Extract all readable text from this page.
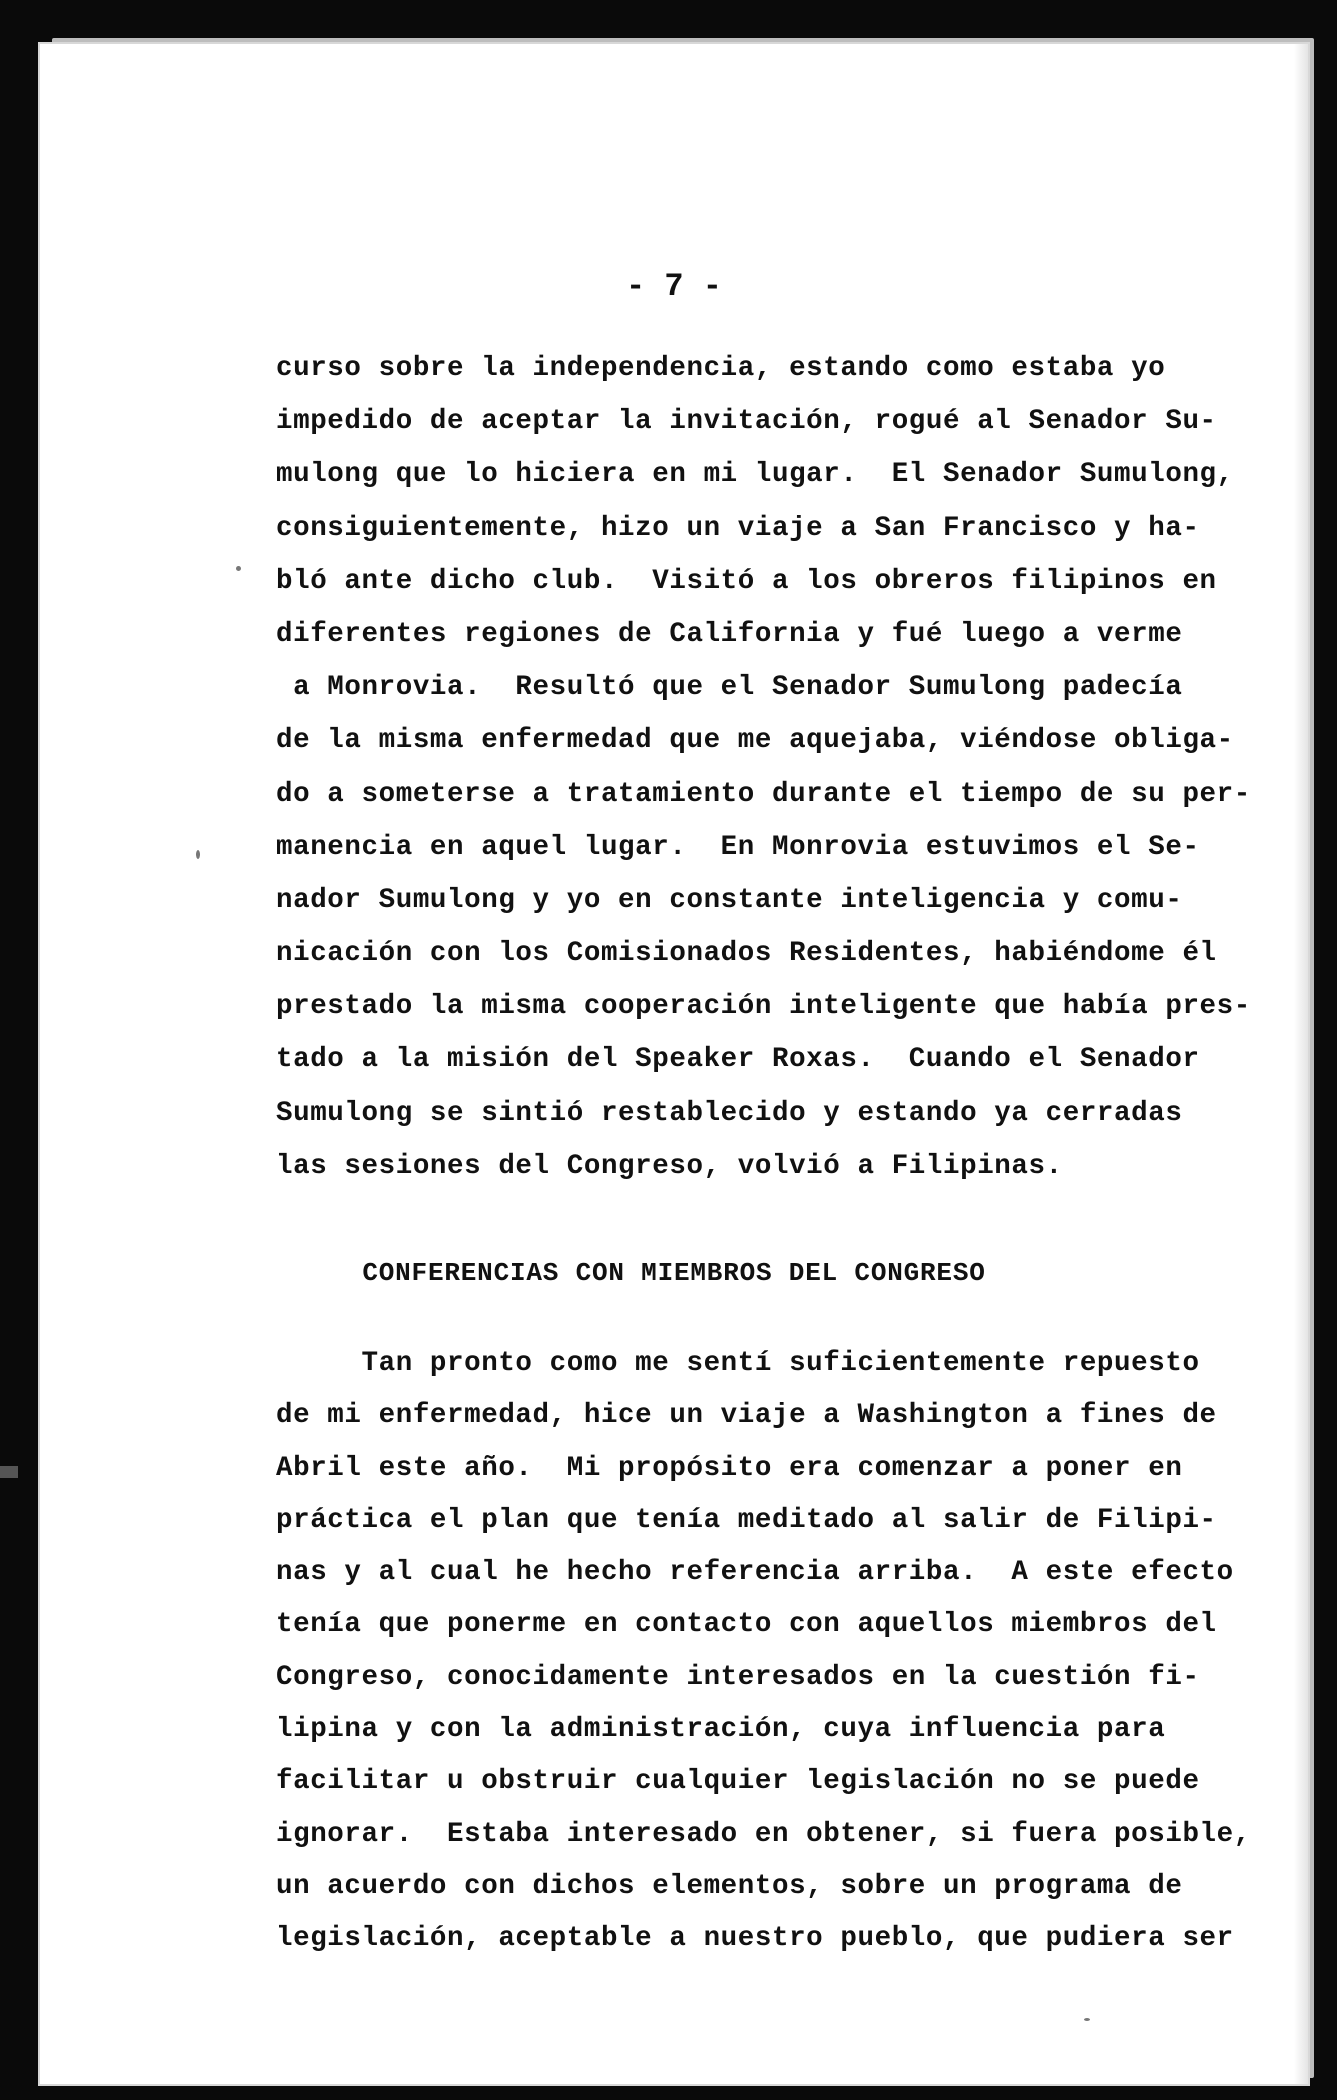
- 7 -
curso sobre la independencia, estando como estaba yo
impedido de aceptar la invitación, rogué al Senador Su-
mulong que lo hiciera en mi lugar.  El Senador Sumulong,
consiguientemente, hizo un viaje a San Francisco y ha-
bló ante dicho club.  Visitó a los obreros filipinos en
diferentes regiones de California y fué luego a verme
a Monrovia.  Resultó que el Senador Sumulong padecía
de la misma enfermedad que me aquejaba, viéndose obliga-
do a someterse a tratamiento durante el tiempo de su per-
manencia en aquel lugar.  En Monrovia estuvimos el Se-
nador Sumulong y yo en constante inteligencia y comu-
nicación con los Comisionados Residentes, habiéndome él
prestado la misma cooperación inteligente que había pres-
tado a la misión del Speaker Roxas.  Cuando el Senador
Sumulong se sintió restablecido y estando ya cerradas
las sesiones del Congreso, volvió a Filipinas.
CONFERENCIAS CON MIEMBROS DEL CONGRESO
Tan pronto como me sentí suficientemente repuesto
de mi enfermedad, hice un viaje a Washington a fines de
Abril este año.  Mi propósito era comenzar a poner en
práctica el plan que tenía meditado al salir de Filipi-
nas y al cual he hecho referencia arriba.  A este efecto
tenía que ponerme en contacto con aquellos miembros del
Congreso, conocidamente interesados en la cuestión fi-
lipina y con la administración, cuya influencia para
facilitar u obstruir cualquier legislación no se puede
ignorar.  Estaba interesado en obtener, si fuera posible,
un acuerdo con dichos elementos, sobre un programa de
legislación, aceptable a nuestro pueblo, que pudiera ser
